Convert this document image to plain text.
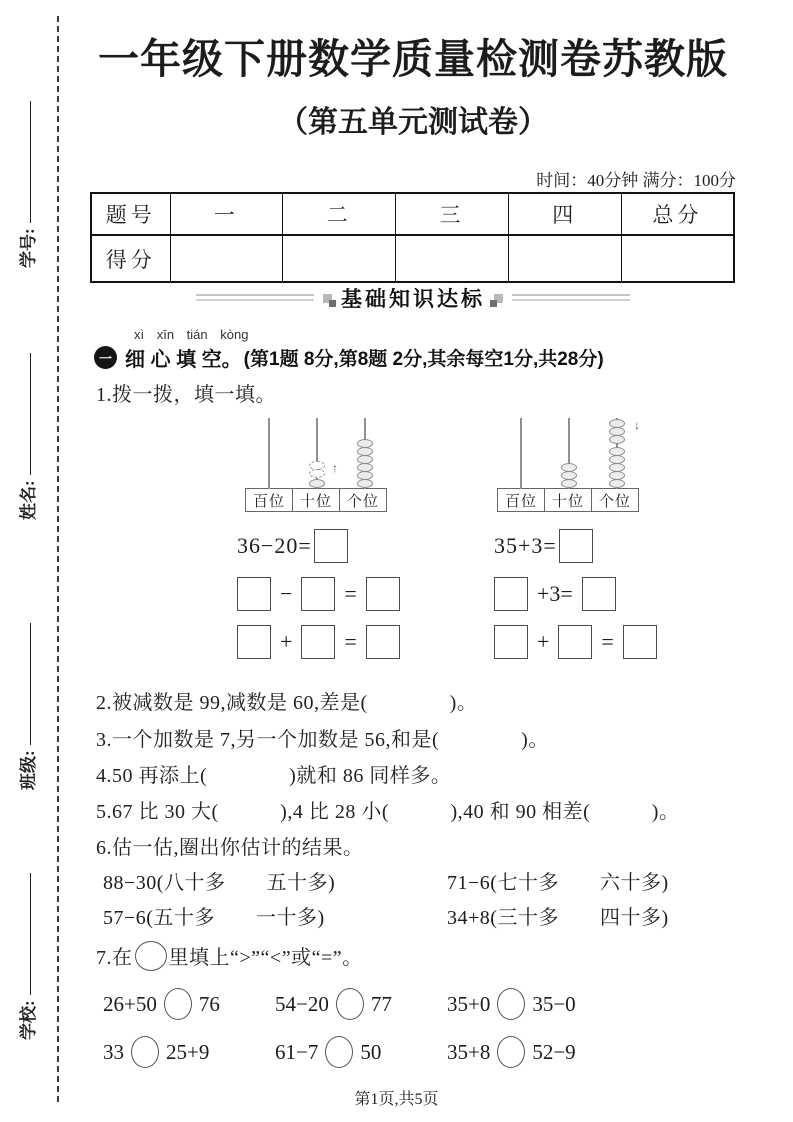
学号:
姓名:
班级:
学校:
一年级下册数学质量检测卷苏教版
（第五单元测试卷）
时间：40分钟 满分：100分
题号	一	二	三	四	总分
得分					
基础知识达标
xì xīn tián kòng
一 细 心 填 空。 (第1题 8分,第8题 2分,其余每空1分,共28分)
1.拨一拨，填一填。
↑
百位 十位 个位
↓
百位 十位 个位
36−20=
− =
+ =
35+3=
+3=
+ =
2.被减数是 99,减数是 60,差是(　　　　)。
3.一个加数是 7,另一个加数是 56,和是(　　　　)。
4.50 再添上(　　　　)就和 86 同样多。
5.67 比 30 大(　　　),4 比 28 小(　　　),40 和 90 相差(　　　)。
6.估一估,圈出你估计的结果。
88−30(八十多　　五十多)	71−6(七十多　　六十多)
57−6(五十多　　一十多)	34+8(三十多　　四十多)
7.在 里填上“>”“<”或“=”。
26+50 76	54−20 77	35+0 35−0
33 25+9	61−7 50	35+8 52−9
第1页,共5页
